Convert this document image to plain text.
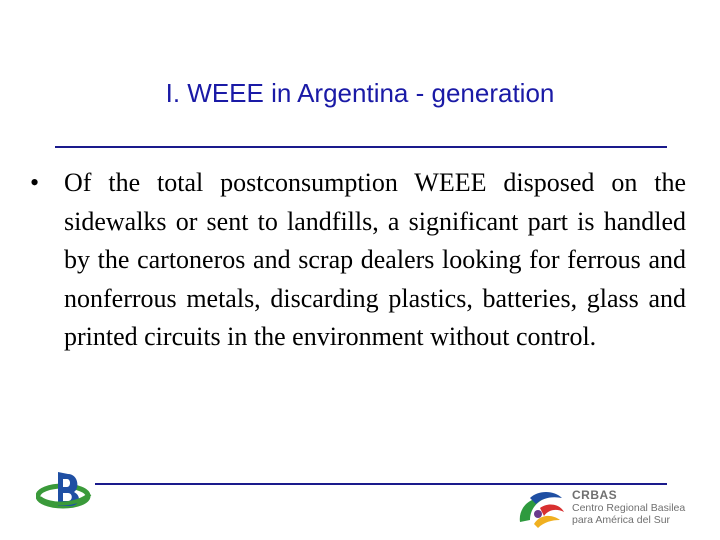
I. WEEE in Argentina - generation
• Of the total postconsumption WEEE disposed on the sidewalks or sent to landfills, a significant part is handled by the cartoneros and scrap dealers looking for ferrous and nonferrous metals, discarding plastics, batteries, glass and printed circuits in the environment without control.
CRBAS
Centro Regional Basilea
para América del Sur
